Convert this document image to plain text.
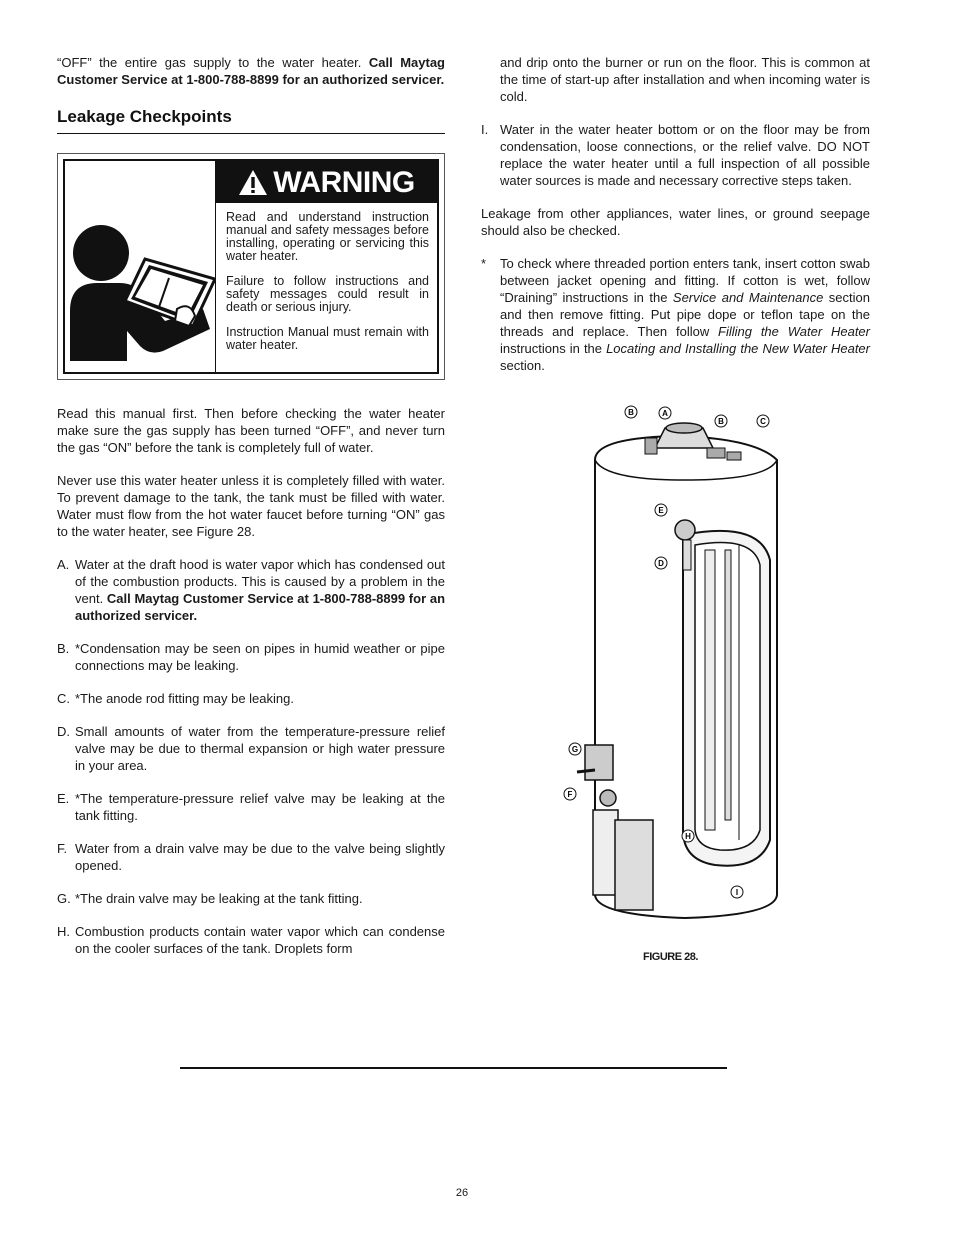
“OFF” the entire gas supply to the water heater. Call Maytag Customer Service at 1-800-788-8899 for an authorized servicer.

Leakage Checkpoints
WARNING
Read and understand instruction manual and safety messages before installing, operating or servicing this water heater.
Failure to follow instructions and safety messages could result in death or serious injury.
Instruction Manual must remain with water heater.

Read this manual first. Then before checking the water heater make sure the gas supply has been turned “OFF”, and never turn the gas “ON” before the tank is completely full of water.

Never use this water heater unless it is completely filled with water. To prevent damage to the tank, the tank must be filled with water. Water must flow from the hot water faucet before turning “ON” gas to the water heater, see Figure 28.

A. Water at the draft hood is water vapor which has condensed out of the combustion products. This is caused by a problem in the vent. Call Maytag Customer Service at 1-800-788-8899 for an authorized servicer.
B. *Condensation may be seen on pipes in humid weather or pipe connections may be leaking.
C. *The anode rod fitting may be leaking.
D. Small amounts of water from the temperature-pressure relief valve may be due to thermal expansion or high water pressure in your area.
E. *The temperature-pressure relief valve may be leaking at the tank fitting.
F. Water from a drain valve may be due to the valve being slightly opened.
G. *The drain valve may be leaking at the tank fitting.
H. Combustion products contain water vapor which can condense on the cooler surfaces of the tank. Droplets form

and drip onto the burner or run on the floor. This is common at the time of start-up after installation and when incoming water is cold.

I. Water in the water heater bottom or on the floor may be from condensation, loose connections, or the relief valve. DO NOT replace the water heater until a full inspection of all possible water sources is made and necessary corrective steps taken.

Leakage from other appliances, water lines, or ground seepage should also be checked.

*	To check where threaded portion enters tank, insert cotton swab between jacket opening and fitting. If cotton is wet, follow “Draining” instructions in the Service and Maintenance section and then remove fitting. Put pipe dope or teflon tape on the threads and replace. Then follow Filling the Water Heater instructions in the Locating and Installing the New Water Heater section.
B	A
B	C
E
D
G
F
H
I
FIGURE 28.
26
